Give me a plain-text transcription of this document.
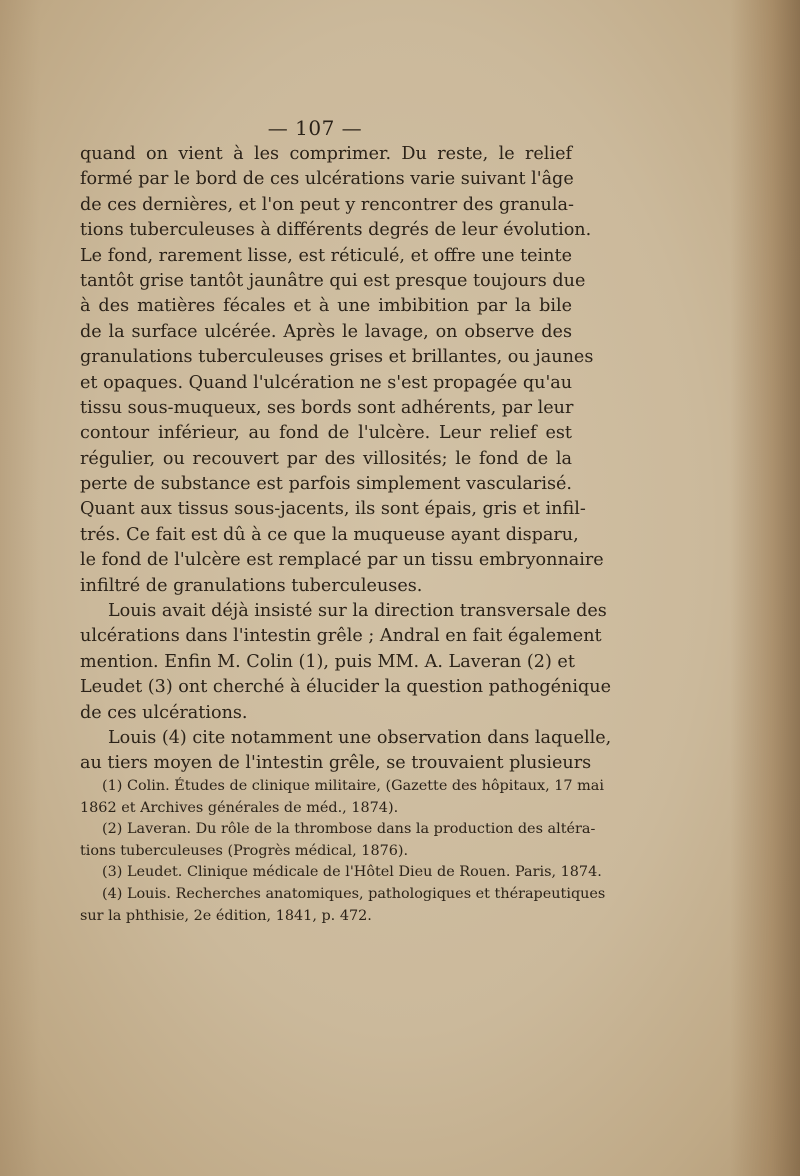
— 107 —
quand on vient à les comprimer. Du reste, le relief
formé par le bord de ces ulcérations varie suivant l'âge
de ces dernières, et l'on peut y rencontrer des granula-
tions tuberculeuses à différents degrés de leur évolution.
Le fond, rarement lisse, est réticulé, et offre une teinte
tantôt grise tantôt jaunâtre qui est presque toujours due
à des matières fécales et à une imbibition par la bile
de la surface ulcérée. Après le lavage, on observe des
granulations tuberculeuses grises et brillantes, ou jaunes
et opaques. Quand l'ulcération ne s'est propagée qu'au
tissu sous-muqueux, ses bords sont adhérents, par leur
contour inférieur, au fond de l'ulcère. Leur relief est
régulier, ou recouvert par des villosités; le fond de la
perte de substance est parfois simplement vascularisé.
Quant aux tissus sous-jacents, ils sont épais, gris et infil-
trés. Ce fait est dû à ce que la muqueuse ayant disparu,
le fond de l'ulcère est remplacé par un tissu embryonnaire
infiltré de granulations tuberculeuses.
Louis avait déjà insisté sur la direction transversale des
ulcérations dans l'intestin grêle ; Andral en fait également
mention. Enfin M. Colin (1), puis MM. A. Laveran (2) et
Leudet (3) ont cherché à élucider la question pathogénique
de ces ulcérations.
Louis (4) cite notamment une observation dans laquelle,
au tiers moyen de l'intestin grêle, se trouvaient plusieurs
(1) Colin. Études de clinique militaire, (Gazette des hôpitaux, 17 mai
1862 et Archives générales de méd., 1874).
(2) Laveran. Du rôle de la thrombose dans la production des altéra-
tions tuberculeuses (Progrès médical, 1876).
(3) Leudet. Clinique médicale de l'Hôtel Dieu de Rouen. Paris, 1874.
(4) Louis. Recherches anatomiques, pathologiques et thérapeutiques
sur la phthisie, 2e édition, 1841, p. 472.
